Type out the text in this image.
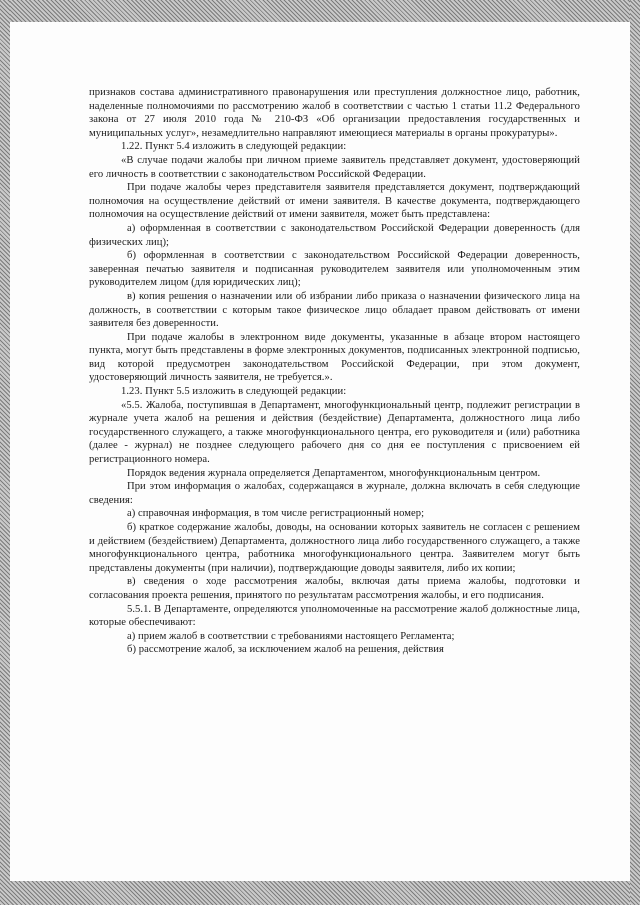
признаков состава административного правонарушения или преступления должностное лицо, работник, наделенные полномочиями по рассмотрению жалоб в соответствии с частью 1 статьи 11.2 Федерального закона от 27 июля 2010 года № 210-ФЗ «Об организации предоставления государственных и муниципальных услуг», незамедлительно направляют имеющиеся материалы в органы прокуратуры».

1.22. Пункт 5.4 изложить в следующей редакции:

«В случае подачи жалобы при личном приеме заявитель представляет документ, удостоверяющий его личность в соответствии с законодательством Российской Федерации.

При подаче жалобы через представителя заявителя представляется документ, подтверждающий полномочия на осуществление действий от имени заявителя. В качестве документа, подтверждающего полномочия на осуществление действий от имени заявителя, может быть представлена:

а) оформленная в соответствии с законодательством Российской Федерации доверенность (для физических лиц);

б) оформленная в соответствии с законодательством Российской Федерации доверенность, заверенная печатью заявителя и подписанная руководителем заявителя или уполномоченным этим руководителем лицом (для юридических лиц);

в) копия решения о назначении или об избрании либо приказа о назначении физического лица на должность, в соответствии с которым такое физическое лицо обладает правом действовать от имени заявителя без доверенности.

При подаче жалобы в электронном виде документы, указанные в абзаце втором настоящего пункта, могут быть представлены в форме электронных документов, подписанных электронной подписью, вид которой предусмотрен законодательством Российской Федерации, при этом документ, удостоверяющий личность заявителя, не требуется.».

1.23. Пункт 5.5 изложить в следующей редакции:

«5.5. Жалоба, поступившая в Департамент, многофункциональный центр, подлежит регистрации в журнале учета жалоб на решения и действия (бездействие) Департамента, должностного лица либо государственного служащего, а также многофункционального центра, его руководителя и (или) работника (далее - журнал) не позднее следующего рабочего дня со дня ее поступления с присвоением ей регистрационного номера.

Порядок ведения журнала определяется Департаментом, многофункциональным центром.

При этом информация о жалобах, содержащаяся в журнале, должна включать в себя следующие сведения:

а) справочная информация, в том числе регистрационный номер;

б) краткое содержание жалобы, доводы, на основании которых заявитель не согласен с решением и действием (бездействием) Департамента, должностного лица либо государственного служащего, а также многофункционального центра, работника многофункционального центра. Заявителем могут быть представлены документы (при наличии), подтверждающие доводы заявителя, либо их копии;

в) сведения о ходе рассмотрения жалобы, включая даты приема жалобы, подготовки и согласования проекта решения, принятого по результатам рассмотрения жалобы, и его подписания.

5.5.1. В Департаменте, определяются уполномоченные на рассмотрение жалоб должностные лица, которые обеспечивают:

а) прием жалоб в соответствии с требованиями настоящего Регламента;

б) рассмотрение жалоб, за исключением жалоб на решения, действия
